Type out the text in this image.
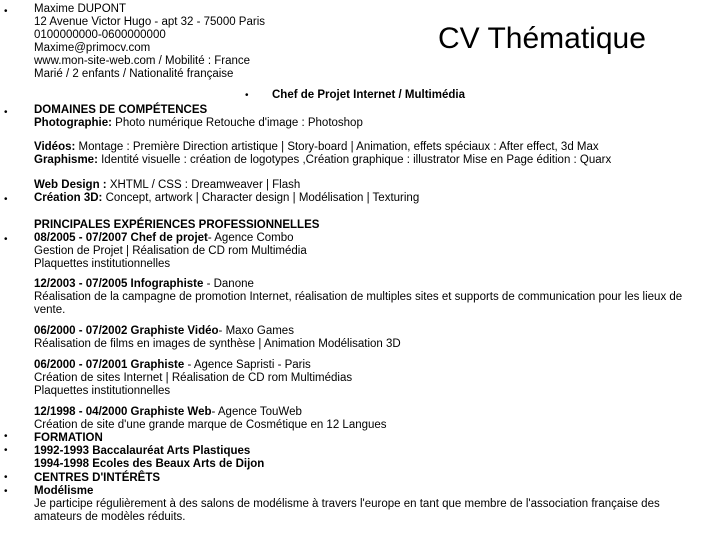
•
•
•
•
•
•
•
•
•
Maxime DUPONT
12 Avenue Victor Hugo - apt 32 - 75000 Paris
0100000000-0600000000
Maxime@primocv.com
www.mon-site-web.com / Mobilité : France
Marié / 2 enfants / Nationalité française
CV Thématique
Chef de Projet Internet / Multimédia
DOMAINES DE COMPÉTENCES
Photographie: Photo numérique Retouche d'image : Photoshop
Vidéos: Montage : Première Direction artistique | Story-board | Animation, effets spéciaux : After effect, 3d Max
Graphisme: Identité visuelle : création de logotypes ,Création graphique : illustrator Mise en Page édition : Quarx
Web Design : XHTML / CSS : Dreamweaver | Flash
Création 3D: Concept, artwork | Character design | Modélisation | Texturing
PRINCIPALES EXPÉRIENCES PROFESSIONNELLES
08/2005 - 07/2007 Chef de projet- Agence Combo
Gestion de Projet | Réalisation de CD rom Multimédia
Plaquettes institutionnelles
12/2003 - 07/2005 Infographiste - Danone
Réalisation de la campagne de promotion Internet, réalisation de multiples sites et supports de communication pour les lieux de vente.
06/2000 - 07/2002 Graphiste Vidéo- Maxo Games
Réalisation de films en images de synthèse | Animation Modélisation 3D
06/2000 - 07/2001 Graphiste - Agence Sapristi - Paris
Création de sites Internet | Réalisation de CD rom Multimédias
Plaquettes institutionnelles
12/1998 - 04/2000 Graphiste Web- Agence TouWeb
Création de site d'une grande marque de Cosmétique en 12 Langues
FORMATION
1992-1993 Baccalauréat Arts Plastiques
1994-1998 Ecoles des Beaux Arts de Dijon
CENTRES D'INTÉRÊTS
Modélisme
Je participe régulièrement à des salons de modélisme à travers l'europe en tant que membre de l'association française des amateurs de modèles réduits.
